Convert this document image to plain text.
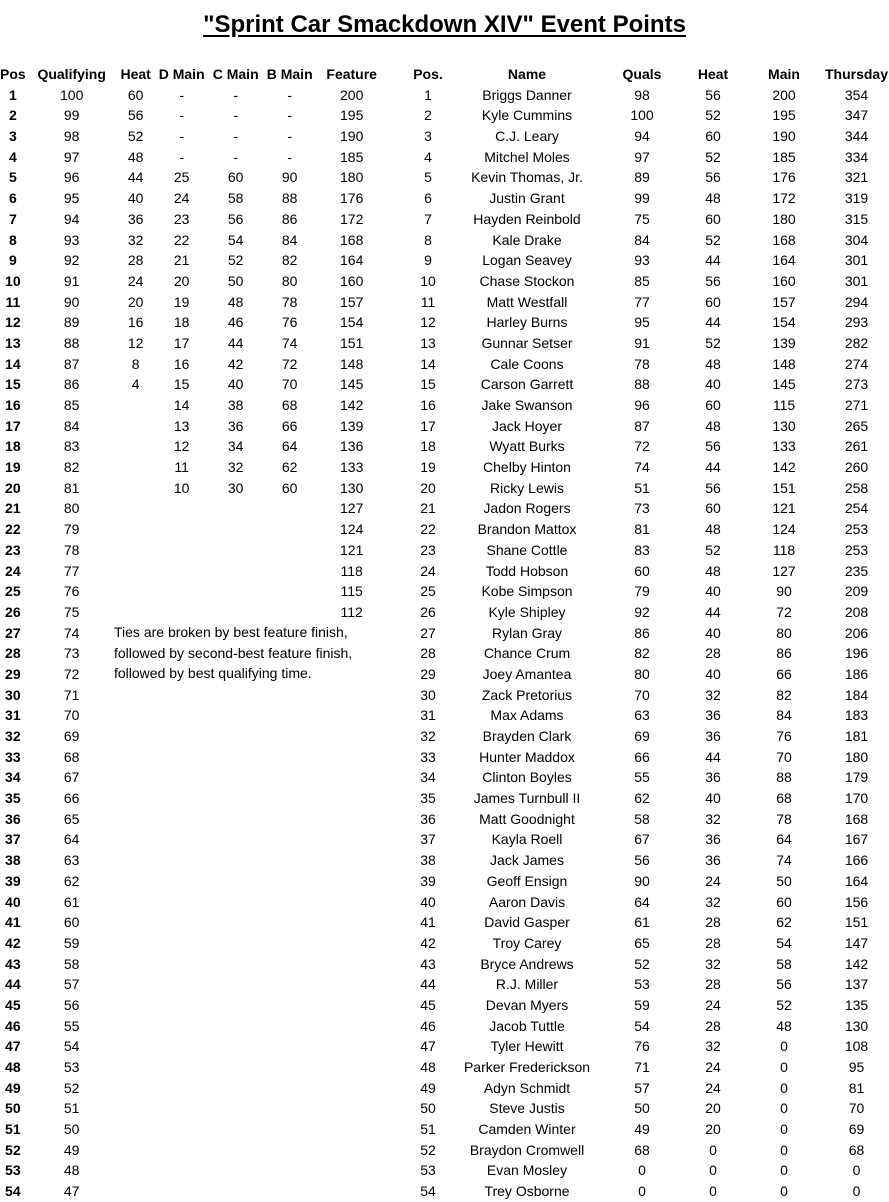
"Sprint Car Smackdown XIV" Event Points
Pos	Qualifying	Heat	D Main	C Main	B Main	Feature
1	100	60	-	-	-	200
2	99	56	-	-	-	195
3	98	52	-	-	-	190
4	97	48	-	-	-	185
5	96	44	25	60	90	180
6	95	40	24	58	88	176
7	94	36	23	56	86	172
8	93	32	22	54	84	168
9	92	28	21	52	82	164
10	91	24	20	50	80	160
11	90	20	19	48	78	157
12	89	16	18	46	76	154
13	88	12	17	44	74	151
14	87	8	16	42	72	148
15	86	4	15	40	70	145
16	85		14	38	68	142
17	84		13	36	66	139
18	83		12	34	64	136
19	82		11	32	62	133
20	81		10	30	60	130
21	80					127
22	79					124
23	78					121
24	77					118
25	76					115
26	75					112
27	74					
28	73					
29	72					
30	71					
31	70					
32	69					
33	68					
34	67					
35	66					
36	65					
37	64					
38	63					
39	62					
40	61					
41	60					
42	59					
43	58					
44	57					
45	56					
46	55					
47	54					
48	53					
49	52					
50	51					
51	50					
52	49					
53	48					
54	47					
Ties are broken by best feature finish,
followed by second-best feature finish,
followed by best qualifying time.
Pos.	Name	Quals	Heat	Main	Thursday
1	Briggs Danner	98	56	200	354
2	Kyle Cummins	100	52	195	347
3	C.J. Leary	94	60	190	344
4	Mitchel Moles	97	52	185	334
5	Kevin Thomas, Jr.	89	56	176	321
6	Justin Grant	99	48	172	319
7	Hayden Reinbold	75	60	180	315
8	Kale Drake	84	52	168	304
9	Logan Seavey	93	44	164	301
10	Chase Stockon	85	56	160	301
11	Matt Westfall	77	60	157	294
12	Harley Burns	95	44	154	293
13	Gunnar Setser	91	52	139	282
14	Cale Coons	78	48	148	274
15	Carson Garrett	88	40	145	273
16	Jake Swanson	96	60	115	271
17	Jack Hoyer	87	48	130	265
18	Wyatt Burks	72	56	133	261
19	Chelby Hinton	74	44	142	260
20	Ricky Lewis	51	56	151	258
21	Jadon Rogers	73	60	121	254
22	Brandon Mattox	81	48	124	253
23	Shane Cottle	83	52	118	253
24	Todd Hobson	60	48	127	235
25	Kobe Simpson	79	40	90	209
26	Kyle Shipley	92	44	72	208
27	Rylan Gray	86	40	80	206
28	Chance Crum	82	28	86	196
29	Joey Amantea	80	40	66	186
30	Zack Pretorius	70	32	82	184
31	Max Adams	63	36	84	183
32	Brayden Clark	69	36	76	181
33	Hunter Maddox	66	44	70	180
34	Clinton Boyles	55	36	88	179
35	James Turnbull II	62	40	68	170
36	Matt Goodnight	58	32	78	168
37	Kayla Roell	67	36	64	167
38	Jack James	56	36	74	166
39	Geoff Ensign	90	24	50	164
40	Aaron Davis	64	32	60	156
41	David Gasper	61	28	62	151
42	Troy Carey	65	28	54	147
43	Bryce Andrews	52	32	58	142
44	R.J. Miller	53	28	56	137
45	Devan Myers	59	24	52	135
46	Jacob Tuttle	54	28	48	130
47	Tyler Hewitt	76	32	0	108
48	Parker Frederickson	71	24	0	95
49	Adyn Schmidt	57	24	0	81
50	Steve Justis	50	20	0	70
51	Camden Winter	49	20	0	69
52	Braydon Cromwell	68	0	0	68
53	Evan Mosley	0	0	0	0
54	Trey Osborne	0	0	0	0
